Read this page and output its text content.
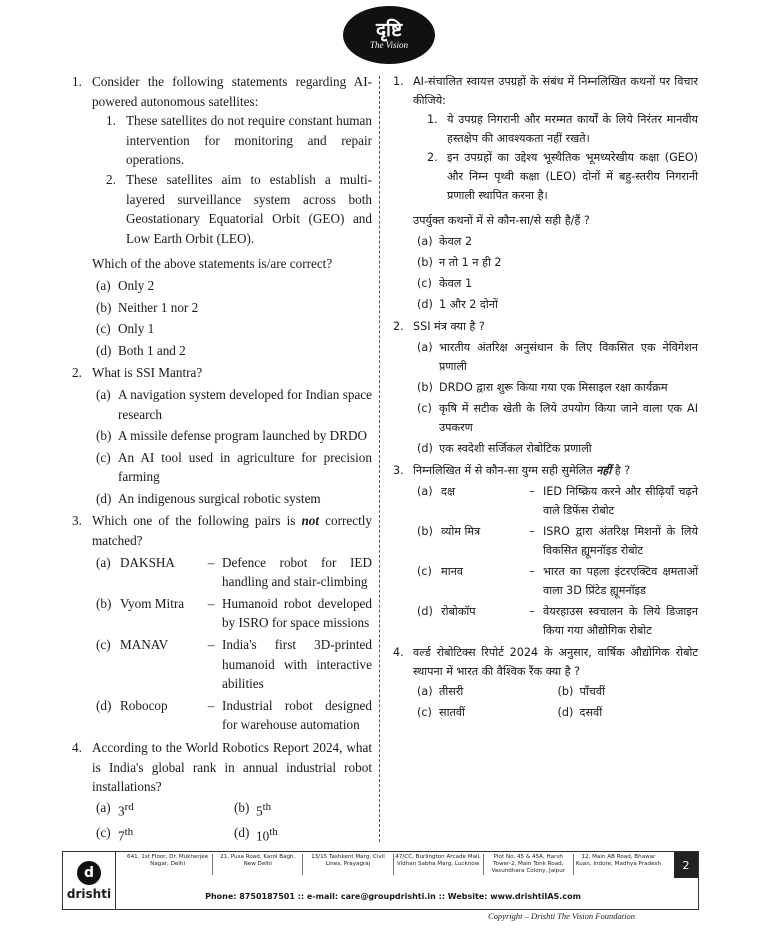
दृष्टि
The Vision
1. Consider the following statements regarding AI-powered autonomous satellites:
1. These satellites do not require constant human intervention for monitoring and repair operations.
2. These satellites aim to establish a multi-layered surveillance system across both Geostationary Equatorial Orbit (GEO) and Low Earth Orbit (LEO).
Which of the above statements is/are correct?
(a) Only 2
(b) Neither 1 nor 2
(c) Only 1
(d) Both 1 and 2
2. What is SSI Mantra?
(a) A navigation system developed for Indian space research
(b) A missile defense program launched by DRDO
(c) An AI tool used in agriculture for precision farming
(d) An indigenous surgical robotic system
3. Which one of the following pairs is not correctly matched?
(a) DAKSHA	– Defence robot for IED handling and stair-climbing
(b) Vyom Mitra	– Humanoid robot developed by ISRO for space missions
(c) MANAV	– India's first 3D-printed humanoid with interactive abilities
(d) Robocop	– Industrial robot designed for warehouse automation
4. According to the World Robotics Report 2024, what is India's global rank in annual industrial robot installations?
(a) 3rd	(b) 5th
(c) 7th	(d) 10th
1. AI-संचालित स्वायत्त उपग्रहों के संबंध में निम्नलिखित कथनों पर विचार कीजिये:
1. ये उपग्रह निगरानी और मरम्मत कार्यों के लिये निरंतर मानवीय हस्तक्षेप की आवश्यकता नहीं रखते।
2. इन उपग्रहों का उद्देश्य भूस्थैतिक भूमध्यरेखीय कक्षा (GEO) और निम्न पृथ्वी कक्षा (LEO) दोनों में बहु-स्तरीय निगरानी प्रणाली स्थापित करना है।
उपर्युक्त कथनों में से कौन-सा/से सही है/हैं ?
(a) केवल 2
(b) न तो 1 न ही 2
(c) केवल 1
(d) 1 और 2 दोनों
2. SSI मंत्र क्या है ?
(a) भारतीय अंतरिक्ष अनुसंधान के लिए विकसित एक नेविगेशन प्रणाली
(b) DRDO द्वारा शुरू किया गया एक मिसाइल रक्षा कार्यक्रम
(c) कृषि में सटीक खेती के लिये उपयोग किया जाने वाला एक AI उपकरण
(d) एक स्वदेशी सर्जिकल रोबोटिक प्रणाली
3. निम्नलिखित में से कौन-सा युग्म सही सुमेलित नहीं है ?
(a) दक्ष	– IED निष्क्रिय करने और सीढ़ियाँ चढ़ने वाले डिफेंस रोबोट
(b) व्योम मित्र	– ISRO द्वारा अंतरिक्ष मिशनों के लिये विकसित ह्यूमनॉइड रोबोट
(c) मानव	– भारत का पहला इंटरएक्टिव क्षमताओं वाला 3D प्रिंटेड ह्यूमनॉइड
(d) रोबोकॉप	– वेयरहाउस स्वचालन के लिये डिजाइन किया गया औद्योगिक रोबोट
4. वर्ल्ड रोबोटिक्स रिपोर्ट 2024 के अनुसार, वार्षिक औद्योगिक रोबोट स्थापना में भारत की वैश्विक रैंक क्या है ?
(a) तीसरी	(b) पाँचवीं
(c) सातवीं	(d) दसवीं
d
drishti
641, 1st Floor, Dr. Mukherjee Nagar, Delhi
21, Pusa Road, Karol Bagh, New Delhi
13/15 Tashkent Marg, Civil Lines, Prayagraj
47/CC, Burlington Arcade Mall, Vidhan Sabha Marg, Lucknow
Plot No. 45 & 45A, Harsh Tower-2, Main Tonk Road, Vasundhara Colony, Jaipur
12, Main AB Road, Bhawar Kuan, Indore, Madhya Pradesh
Phone: 8750187501 :: e-mail: care@groupdrishti.in :: Website: www.drishtiIAS.com
2
Copyright – Drishti The Vision Foundation
